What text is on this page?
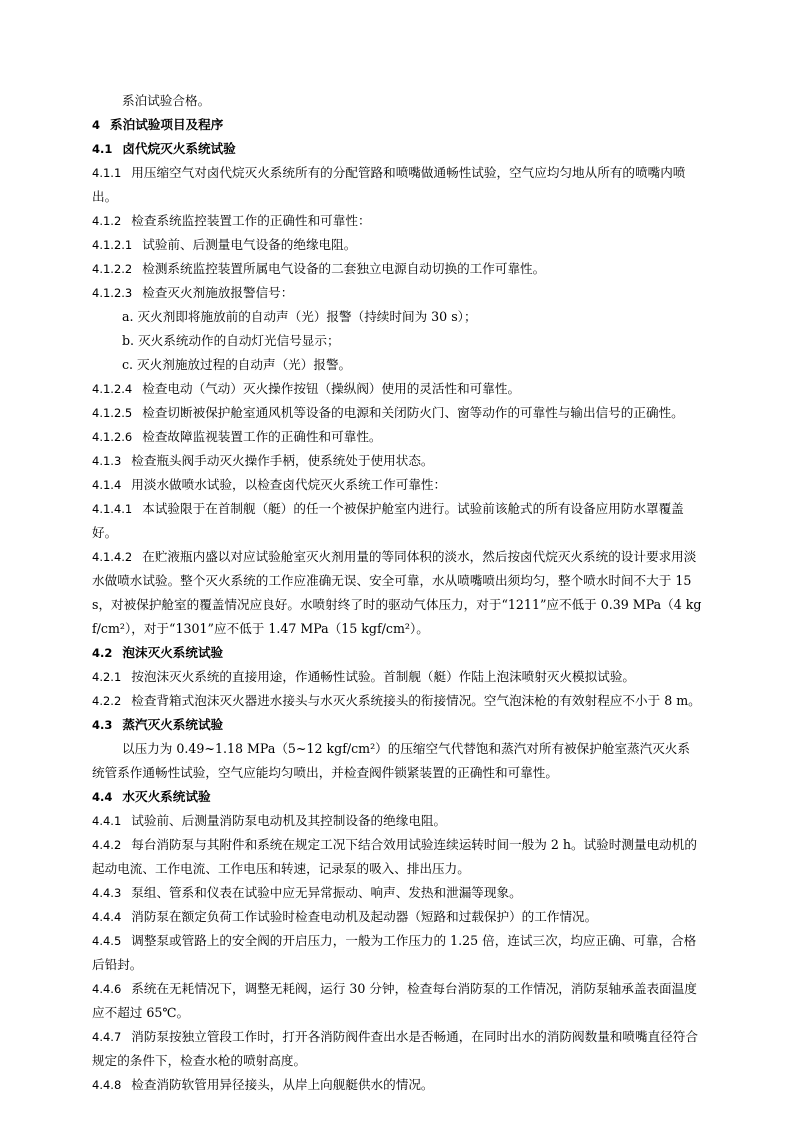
系泊试验合格。

4 系泊试验项目及程序

4.1 卤代烷灭火系统试验

4.1.1 用压缩空气对卤代烷灭火系统所有的分配管路和喷嘴做通畅性试验，空气应均匀地从所有的喷嘴内喷出。

4.1.2 检查系统监控装置工作的正确性和可靠性：

4.1.2.1 试验前、后测量电气设备的绝缘电阻。

4.1.2.2 检测系统监控装置所属电气设备的二套独立电源自动切换的工作可靠性。

4.1.2.3 检查灭火剂施放报警信号：

a. 灭火剂即将施放前的自动声（光）报警（持续时间为 30 s）；

b. 灭火系统动作的自动灯光信号显示；

c. 灭火剂施放过程的自动声（光）报警。

4.1.2.4 检查电动（气动）灭火操作按钮（操纵阀）使用的灵活性和可靠性。

4.1.2.5 检查切断被保护舱室通风机等设备的电源和关闭防火门、窗等动作的可靠性与输出信号的正确性。

4.1.2.6 检查故障监视装置工作的正确性和可靠性。

4.1.3 检查瓶头阀手动灭火操作手柄，使系统处于使用状态。

4.1.4 用淡水做喷水试验，以检查卤代烷灭火系统工作可靠性：

4.1.4.1 本试验限于在首制舰（艇）的任一个被保护舱室内进行。试验前该舱式的所有设备应用防水罩覆盖好。

4.1.4.2 在贮液瓶内盛以对应试验舱室灭火剂用量的等同体积的淡水，然后按卤代烷灭火系统的设计要求用淡水做喷水试验。整个灭火系统的工作应准确无误、安全可靠，水从喷嘴喷出须均匀，整个喷水时间不大于 15 s，对被保护舱室的覆盖情况应良好。水喷射终了时的驱动气体压力，对于“1211”应不低于 0.39 MPa（4 kgf/cm²），对于“1301”应不低于 1.47 MPa（15 kgf/cm²）。

4.2 泡沫灭火系统试验

4.2.1 按泡沫灭火系统的直接用途，作通畅性试验。首制舰（艇）作陆上泡沫喷射灭火模拟试验。

4.2.2 检查背箱式泡沫灭火器进水接头与水灭火系统接头的衔接情况。空气泡沫枪的有效射程应不小于 8 m。

4.3 蒸汽灭火系统试验

以压力为 0.49~1.18 MPa（5~12 kgf/cm²）的压缩空气代替饱和蒸汽对所有被保护舱室蒸汽灭火系统管系作通畅性试验，空气应能均匀喷出，并检查阀件锁紧装置的正确性和可靠性。

4.4 水灭火系统试验

4.4.1 试验前、后测量消防泵电动机及其控制设备的绝缘电阻。

4.4.2 每台消防泵与其附件和系统在规定工况下结合效用试验连续运转时间一般为 2 h。试验时测量电动机的起动电流、工作电流、工作电压和转速，记录泵的吸入、排出压力。

4.4.3 泵组、管系和仪表在试验中应无异常振动、响声、发热和泄漏等现象。

4.4.4 消防泵在额定负荷工作试验时检查电动机及起动器（短路和过载保护）的工作情况。

4.4.5 调整泵或管路上的安全阀的开启压力，一般为工作压力的 1.25 倍，连试三次，均应正确、可靠，合格后铅封。

4.4.6 系统在无耗情况下，调整无耗阀，运行 30 分钟，检查每台消防泵的工作情况，消防泵轴承盖表面温度应不超过 65℃。

4.4.7 消防泵按独立管段工作时，打开各消防阀件查出水是否畅通，在同时出水的消防阀数量和喷嘴直径符合规定的条件下，检查水枪的喷射高度。

4.4.8 检查消防软管用异径接头，从岸上向舰艇供水的情况。
